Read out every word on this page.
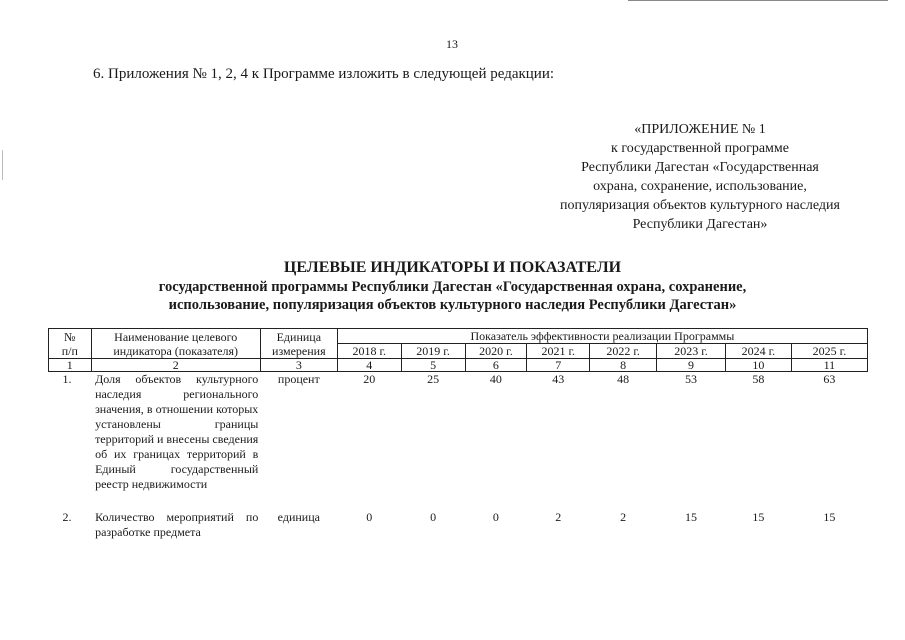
13
6. Приложения № 1, 2, 4 к Программе изложить в следующей редакции:
«ПРИЛОЖЕНИЕ № 1
к государственной программе
Республики Дагестан «Государственная
охрана, сохранение, использование,
популяризация объектов культурного наследия
Республики Дагестан»
ЦЕЛЕВЫЕ ИНДИКАТОРЫ И ПОКАЗАТЕЛИ
государственной программы Республики Дагестан «Государственная охрана, сохранение,
использование, популяризация объектов культурного наследия Республики Дагестан»
№
п/п	Наименование целевого индикатора (показателя)	Единица измерения	Показатель эффективности реализации Программы							
			2018 г.	2019 г.	2020 г.	2021 г.	2022 г.	2023 г.	2024 г.	2025 г.
1	2	3	4	5	6	7	8	9	10	11
1.	Доля объектов культурного наследия регионального значения, в отношении которых установлены границы территорий и внесены сведения об их границах территорий в Единый государственный реестр недвижимости	процент	20	25	40	43	48	53	58	63

2.	Количество мероприятий по разработке предмета	единица	0	0	0	2	2	15	15	15
